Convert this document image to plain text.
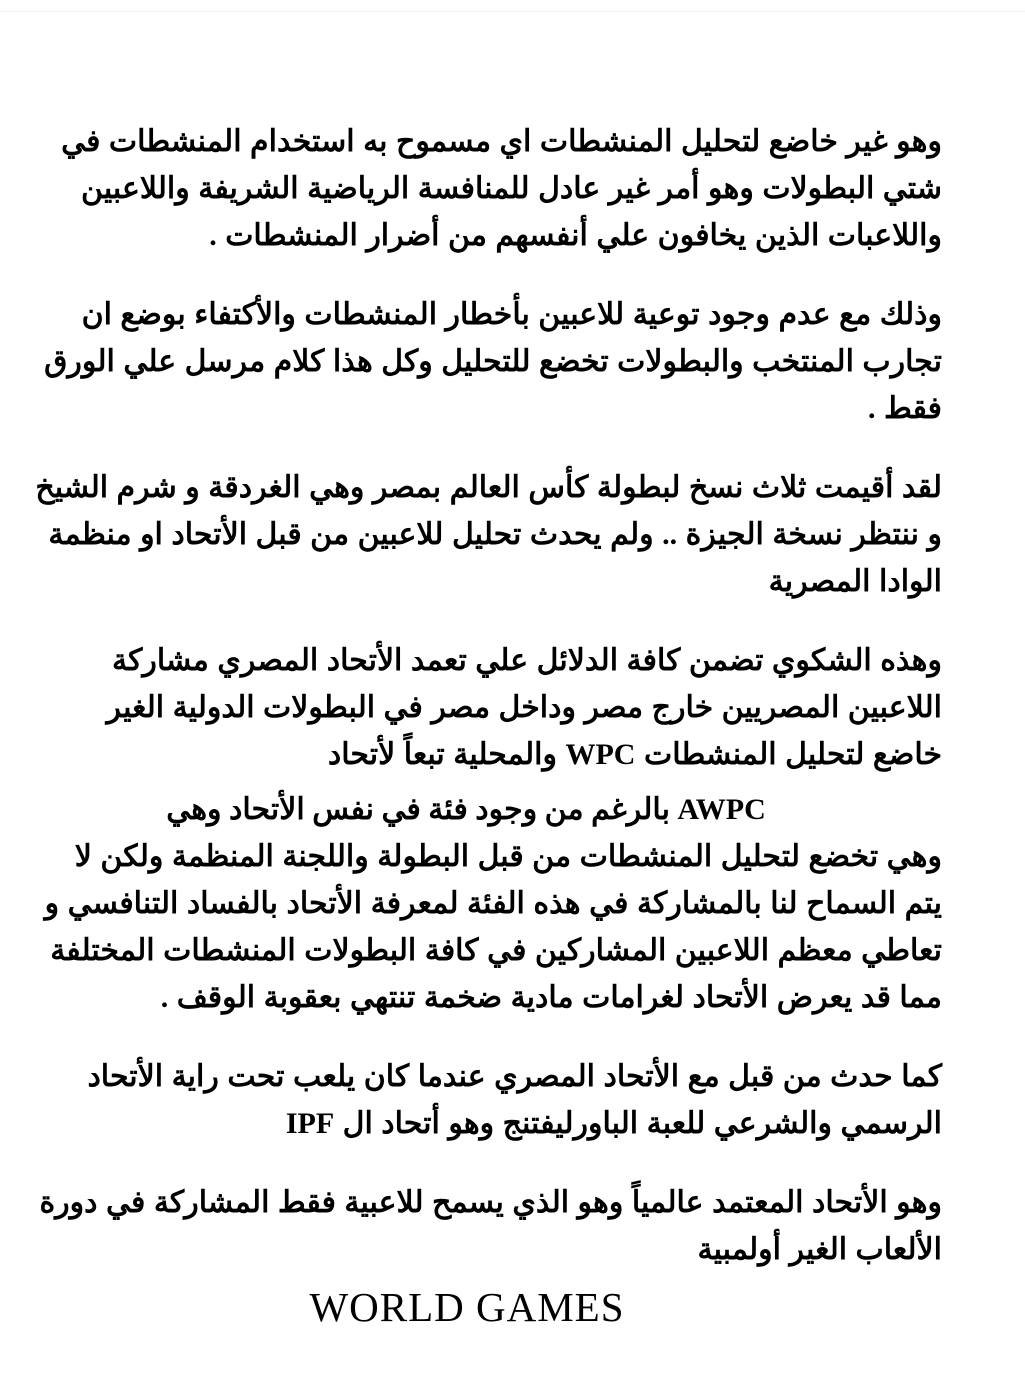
وهو غير خاضع لتحليل المنشطات اي مسموح به استخدام المنشطات في شتي البطولات وهو أمر غير عادل للمنافسة الرياضية الشريفة واللاعبين واللاعبات الذين يخافون علي أنفسهم من أضرار المنشطات .

وذلك مع عدم وجود توعية للاعبين بأخطار المنشطات والأكتفاء بوضع ان تجارب المنتخب والبطولات تخضع للتحليل وكل هذا كلام مرسل علي الورق فقط .

لقد أقيمت ثلاث نسخ لبطولة كأس العالم بمصر وهي الغردقة و شرم الشيخ و ننتظر نسخة الجيزة .. ولم يحدث تحليل للاعبين من قبل الأتحاد او منظمة الوادا المصرية

وهذه الشكوي تضمن كافة الدلائل علي تعمد الأتحاد المصري مشاركة اللاعبين المصريين خارج مصر وداخل مصر في البطولات الدولية الغير خاضع لتحليل المنشطات WPC والمحلية تبعاً لأتحاد

AWPC بالرغم من وجود فئة في نفس الأتحاد وهي

وهي تخضع لتحليل المنشطات من قبل البطولة واللجنة المنظمة ولكن لا يتم السماح لنا بالمشاركة في هذه الفئة لمعرفة الأتحاد بالفساد التنافسي و تعاطي معظم اللاعبين المشاركين في كافة البطولات المنشطات المختلفة مما قد يعرض الأتحاد لغرامات مادية ضخمة تنتهي بعقوبة الوقف .

كما حدث من قبل مع الأتحاد المصري عندما كان يلعب تحت راية الأتحاد الرسمي والشرعي للعبة الباورليفتنج وهو أتحاد ال IPF

وهو الأتحاد المعتمد عالمياً وهو الذي يسمح للاعبية فقط المشاركة في دورة الألعاب الغير أولمبية

WORLD GAMES
